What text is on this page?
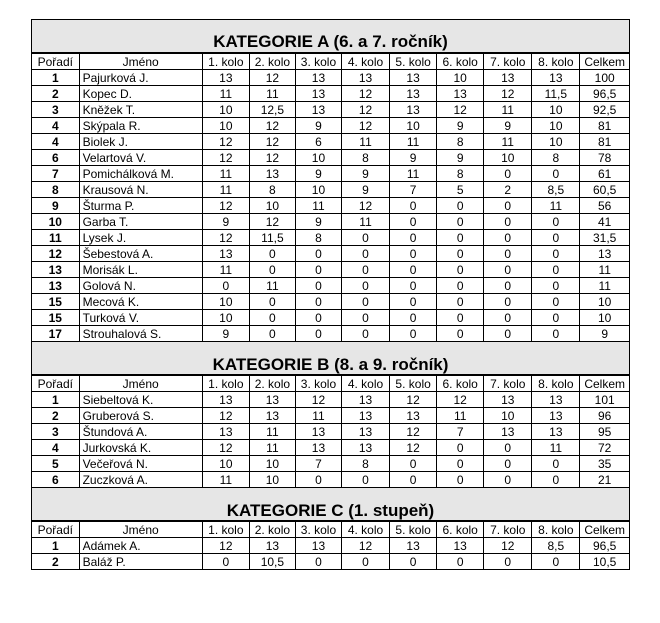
KATEGORIE A (6. a 7. ročník)
Pořadí	Jméno	1. kolo	2. kolo	3. kolo	4. kolo	5. kolo	6. kolo	7. kolo	8. kolo	Celkem
1	Pajurková J.	13	12	13	13	13	10	13	13	100
2	Kopec D.	11	11	13	12	13	13	12	11,5	96,5
3	Kněžek T.	10	12,5	13	12	13	12	11	10	92,5
4	Skýpala R.	10	12	9	12	10	9	9	10	81
4	Biolek J.	12	12	6	11	11	8	11	10	81
6	Velartová V.	12	12	10	8	9	9	10	8	78
7	Pomichálková M.	11	13	9	9	11	8	0	0	61
8	Krausová N.	11	8	10	9	7	5	2	8,5	60,5
9	Šturma P.	12	10	11	12	0	0	0	11	56
10	Garba T.	9	12	9	11	0	0	0	0	41
11	Lysek J.	12	11,5	8	0	0	0	0	0	31,5
12	Šebestová A.	13	0	0	0	0	0	0	0	13
13	Morisák L.	11	0	0	0	0	0	0	0	11
13	Golová N.	0	11	0	0	0	0	0	0	11
15	Mecová K.	10	0	0	0	0	0	0	0	10
15	Turková V.	10	0	0	0	0	0	0	0	10
17	Strouhalová S.	9	0	0	0	0	0	0	0	9
KATEGORIE B (8. a 9. ročník)
Pořadí	Jméno	1. kolo	2. kolo	3. kolo	4. kolo	5. kolo	6. kolo	7. kolo	8. kolo	Celkem
1	Siebeltová K.	13	13	12	13	12	12	13	13	101
2	Gruberová S.	12	13	11	13	13	11	10	13	96
3	Štundová A.	13	11	13	13	12	7	13	13	95
4	Jurkovská K.	12	11	13	13	12	0	0	11	72
5	Večeřová N.	10	10	7	8	0	0	0	0	35
6	Zuczková A.	11	10	0	0	0	0	0	0	21
KATEGORIE C (1. stupeň)
Pořadí	Jméno	1. kolo	2. kolo	3. kolo	4. kolo	5. kolo	6. kolo	7. kolo	8. kolo	Celkem
1	Adámek A.	12	13	13	12	13	13	12	8,5	96,5
2	Baláž P.	0	10,5	0	0	0	0	0	0	10,5
